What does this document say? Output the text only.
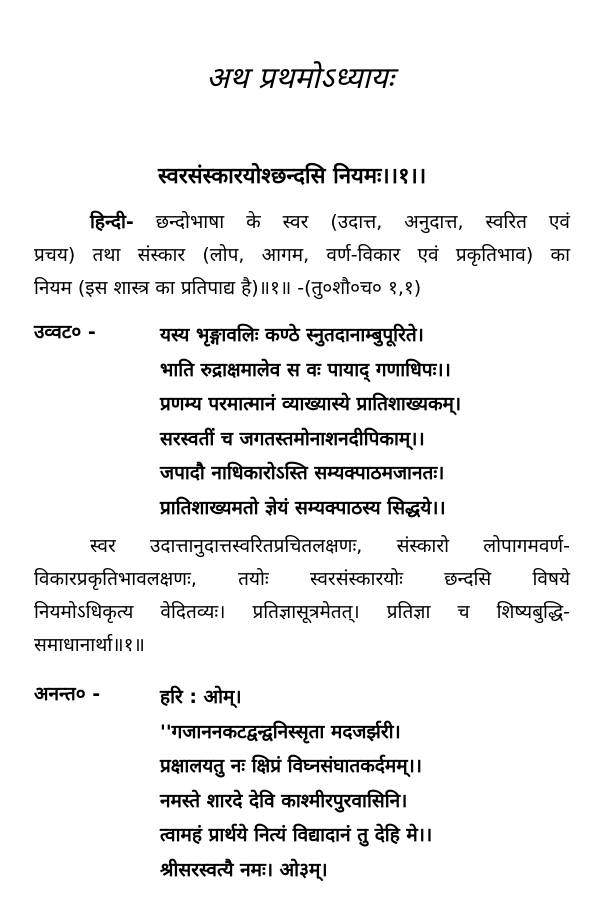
अथ प्रथमोऽध्यायः
स्वरसंस्कारयोश्छन्दसि नियमः।।१।।

हिन्दी- छन्दोभाषा के स्वर (उदात्त, अनुदात्त, स्वरित एवं
प्रचय) तथा संस्कार (लोप, आगम, वर्ण-विकार एवं प्रकृतिभाव) का
नियम (इस शास्त्र का प्रतिपाद्य है)॥१॥ -(तु०शौ०च० १,१)

उव्वट० -	यस्य भृङ्गावलिः कण्ठे स्नुतदानाम्बुपूरिते।
भाति रुद्राक्षमालेव स वः पायाद् गणाधिपः।।
प्रणम्य परमात्मानं व्याख्यास्ये प्रातिशाख्यकम्।
सरस्वतीं च जगतस्तमोनाशनदीपिकाम्।।
जपादौ नाधिकारोऽस्ति सम्यक्पाठमजानतः।
प्रातिशाख्यमतो ज्ञेयं सम्यक्पाठस्य सिद्धये।।

स्वर उदात्तानुदात्तस्वरितप्रचितलक्षणः, संस्कारो लोपागमवर्ण-
विकारप्रकृतिभावलक्षणः, तयोः स्वरसंस्कारयोः छन्दसि विषये
नियमोऽधिकृत्य वेदितव्यः। प्रतिज्ञासूत्रमेतत्। प्रतिज्ञा च शिष्यबुद्धि-
समाधानार्था॥१॥

अनन्त० -	हरि : ओम्।
''गजाननकटद्वन्द्वनिस्सृता मदजर्झरी।
प्रक्षालयतु नः क्षिप्रं विघ्नसंघातकर्दमम्।।
नमस्ते शारदे देवि काश्मीरपुरवासिनि।
त्वामहं प्रार्थये नित्यं विद्यादानं तु देहि मे।।
श्रीसरस्वत्यै नमः। ओ३म्।
